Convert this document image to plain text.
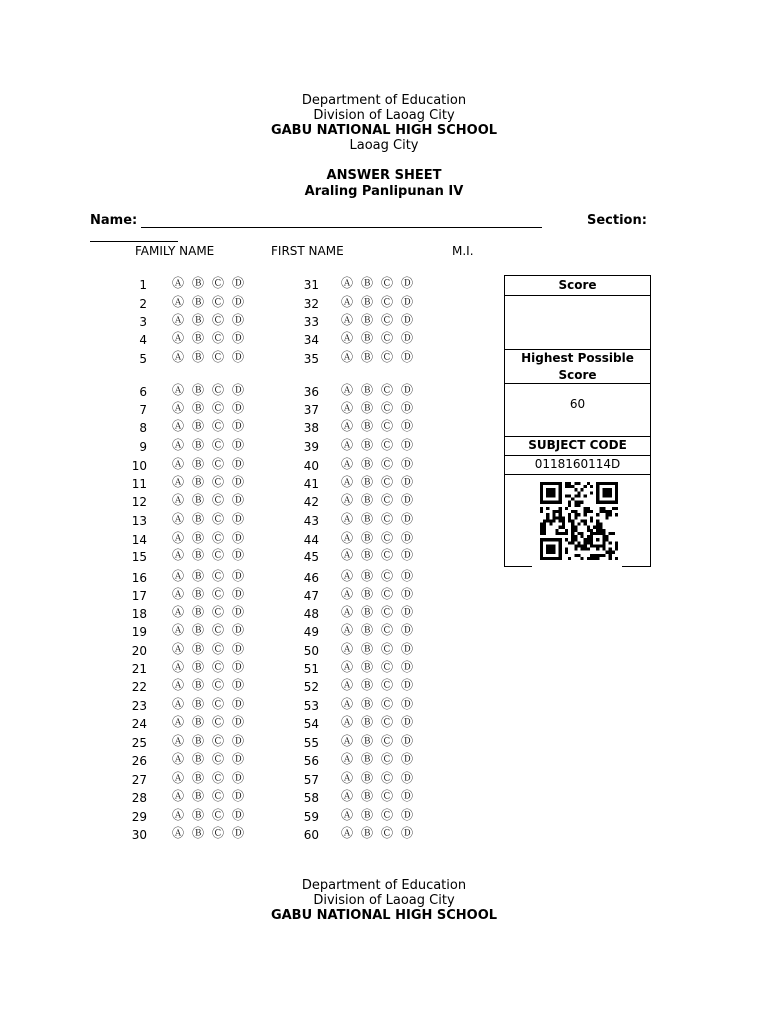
Department of Education
Division of Laoag City
GABU NATIONAL HIGH SCHOOL
Laoag City
ANSWER SHEET
Araling Panlipunan IV
Name:	Section:
FAMILY NAME	FIRST NAME	M.I.
1 Ⓐ Ⓑ Ⓒ Ⓓ
2 Ⓐ Ⓑ Ⓒ Ⓓ
3 Ⓐ Ⓑ Ⓒ Ⓓ
4 Ⓐ Ⓑ Ⓒ Ⓓ
5 Ⓐ Ⓑ Ⓒ Ⓓ
6 Ⓐ Ⓑ Ⓒ Ⓓ
7 Ⓐ Ⓑ Ⓒ Ⓓ
8 Ⓐ Ⓑ Ⓒ Ⓓ
9 Ⓐ Ⓑ Ⓒ Ⓓ
10 Ⓐ Ⓑ Ⓒ Ⓓ
11 Ⓐ Ⓑ Ⓒ Ⓓ
12 Ⓐ Ⓑ Ⓒ Ⓓ
13 Ⓐ Ⓑ Ⓒ Ⓓ
14 Ⓐ Ⓑ Ⓒ Ⓓ
15 Ⓐ Ⓑ Ⓒ Ⓓ
16 Ⓐ Ⓑ Ⓒ Ⓓ
17 Ⓐ Ⓑ Ⓒ Ⓓ
18 Ⓐ Ⓑ Ⓒ Ⓓ
19 Ⓐ Ⓑ Ⓒ Ⓓ
20 Ⓐ Ⓑ Ⓒ Ⓓ
21 Ⓐ Ⓑ Ⓒ Ⓓ
22 Ⓐ Ⓑ Ⓒ Ⓓ
23 Ⓐ Ⓑ Ⓒ Ⓓ
24 Ⓐ Ⓑ Ⓒ Ⓓ
25 Ⓐ Ⓑ Ⓒ Ⓓ
26 Ⓐ Ⓑ Ⓒ Ⓓ
27 Ⓐ Ⓑ Ⓒ Ⓓ
28 Ⓐ Ⓑ Ⓒ Ⓓ
29 Ⓐ Ⓑ Ⓒ Ⓓ
30 Ⓐ Ⓑ Ⓒ Ⓓ
31 Ⓐ Ⓑ Ⓒ Ⓓ
32 Ⓐ Ⓑ Ⓒ Ⓓ
33 Ⓐ Ⓑ Ⓒ Ⓓ
34 Ⓐ Ⓑ Ⓒ Ⓓ
35 Ⓐ Ⓑ Ⓒ Ⓓ
36 Ⓐ Ⓑ Ⓒ Ⓓ
37 Ⓐ Ⓑ Ⓒ Ⓓ
38 Ⓐ Ⓑ Ⓒ Ⓓ
39 Ⓐ Ⓑ Ⓒ Ⓓ
40 Ⓐ Ⓑ Ⓒ Ⓓ
41 Ⓐ Ⓑ Ⓒ Ⓓ
42 Ⓐ Ⓑ Ⓒ Ⓓ
43 Ⓐ Ⓑ Ⓒ Ⓓ
44 Ⓐ Ⓑ Ⓒ Ⓓ
45 Ⓐ Ⓑ Ⓒ Ⓓ
46 Ⓐ Ⓑ Ⓒ Ⓓ
47 Ⓐ Ⓑ Ⓒ Ⓓ
48 Ⓐ Ⓑ Ⓒ Ⓓ
49 Ⓐ Ⓑ Ⓒ Ⓓ
50 Ⓐ Ⓑ Ⓒ Ⓓ
51 Ⓐ Ⓑ Ⓒ Ⓓ
52 Ⓐ Ⓑ Ⓒ Ⓓ
53 Ⓐ Ⓑ Ⓒ Ⓓ
54 Ⓐ Ⓑ Ⓒ Ⓓ
55 Ⓐ Ⓑ Ⓒ Ⓓ
56 Ⓐ Ⓑ Ⓒ Ⓓ
57 Ⓐ Ⓑ Ⓒ Ⓓ
58 Ⓐ Ⓑ Ⓒ Ⓓ
59 Ⓐ Ⓑ Ⓒ Ⓓ
60 Ⓐ Ⓑ Ⓒ Ⓓ
Score
Highest Possible
Score
60
SUBJECT CODE
0118160114D
Department of Education
Division of Laoag City
GABU NATIONAL HIGH SCHOOL
